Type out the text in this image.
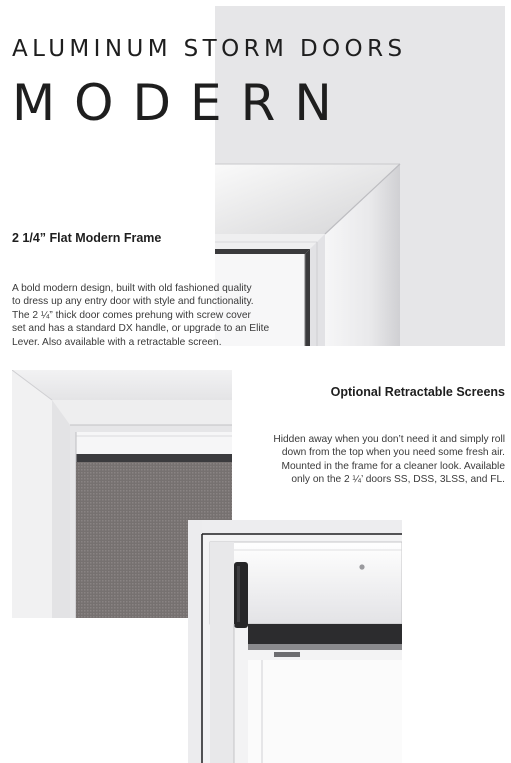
ALUMINUM STORM DOORS
MODERN
2 1/4” Flat Modern Frame
A bold modern design, built with old fashioned quality
to dress up any entry door with style and functionality.
The 2 ¼” thick door comes prehung with screw cover
set and has a standard DX handle, or upgrade to an Elite
Lever. Also available with a retractable screen.
Optional Retractable Screens
Hidden away when you don’t need it and simply roll
down from the top when you need some fresh air.
Mounted in the frame for a cleaner look. Available
only on the 2 ¼’ doors SS, DSS, 3LSS, and FL.
